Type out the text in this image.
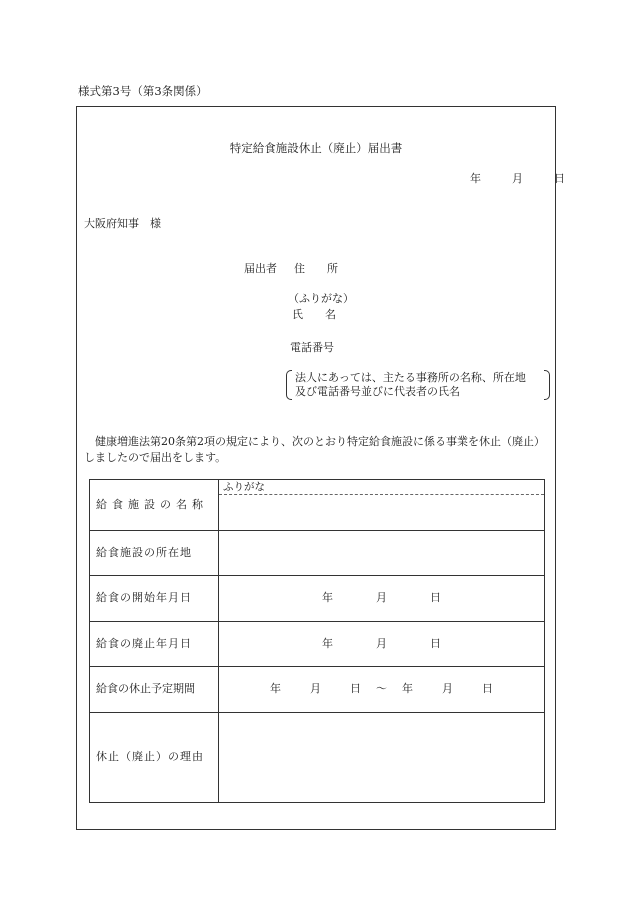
様式第3号（第3条関係）
特定給食施設休止（廃止）届出書
年	月	日
大阪府知事　様
届出者 住　　所
（ふりがな）
氏　　名
電話番号
法人にあっては、主たる事務所の名称、所在地
及び電話番号並びに代表者の氏名
健康増進法第20条第2項の規定により、次のとおり特定給食施設に係る事業を休止（廃止）しましたので届出をします。
給食施設の名称	ふりがな

給食施設の所在地	
給食の開始年月日	年 月 日
給食の廃止年月日	年 月 日
給食の休止予定期間	年 月 日 ～ 年 月 日
休止（廃止）の理由	
